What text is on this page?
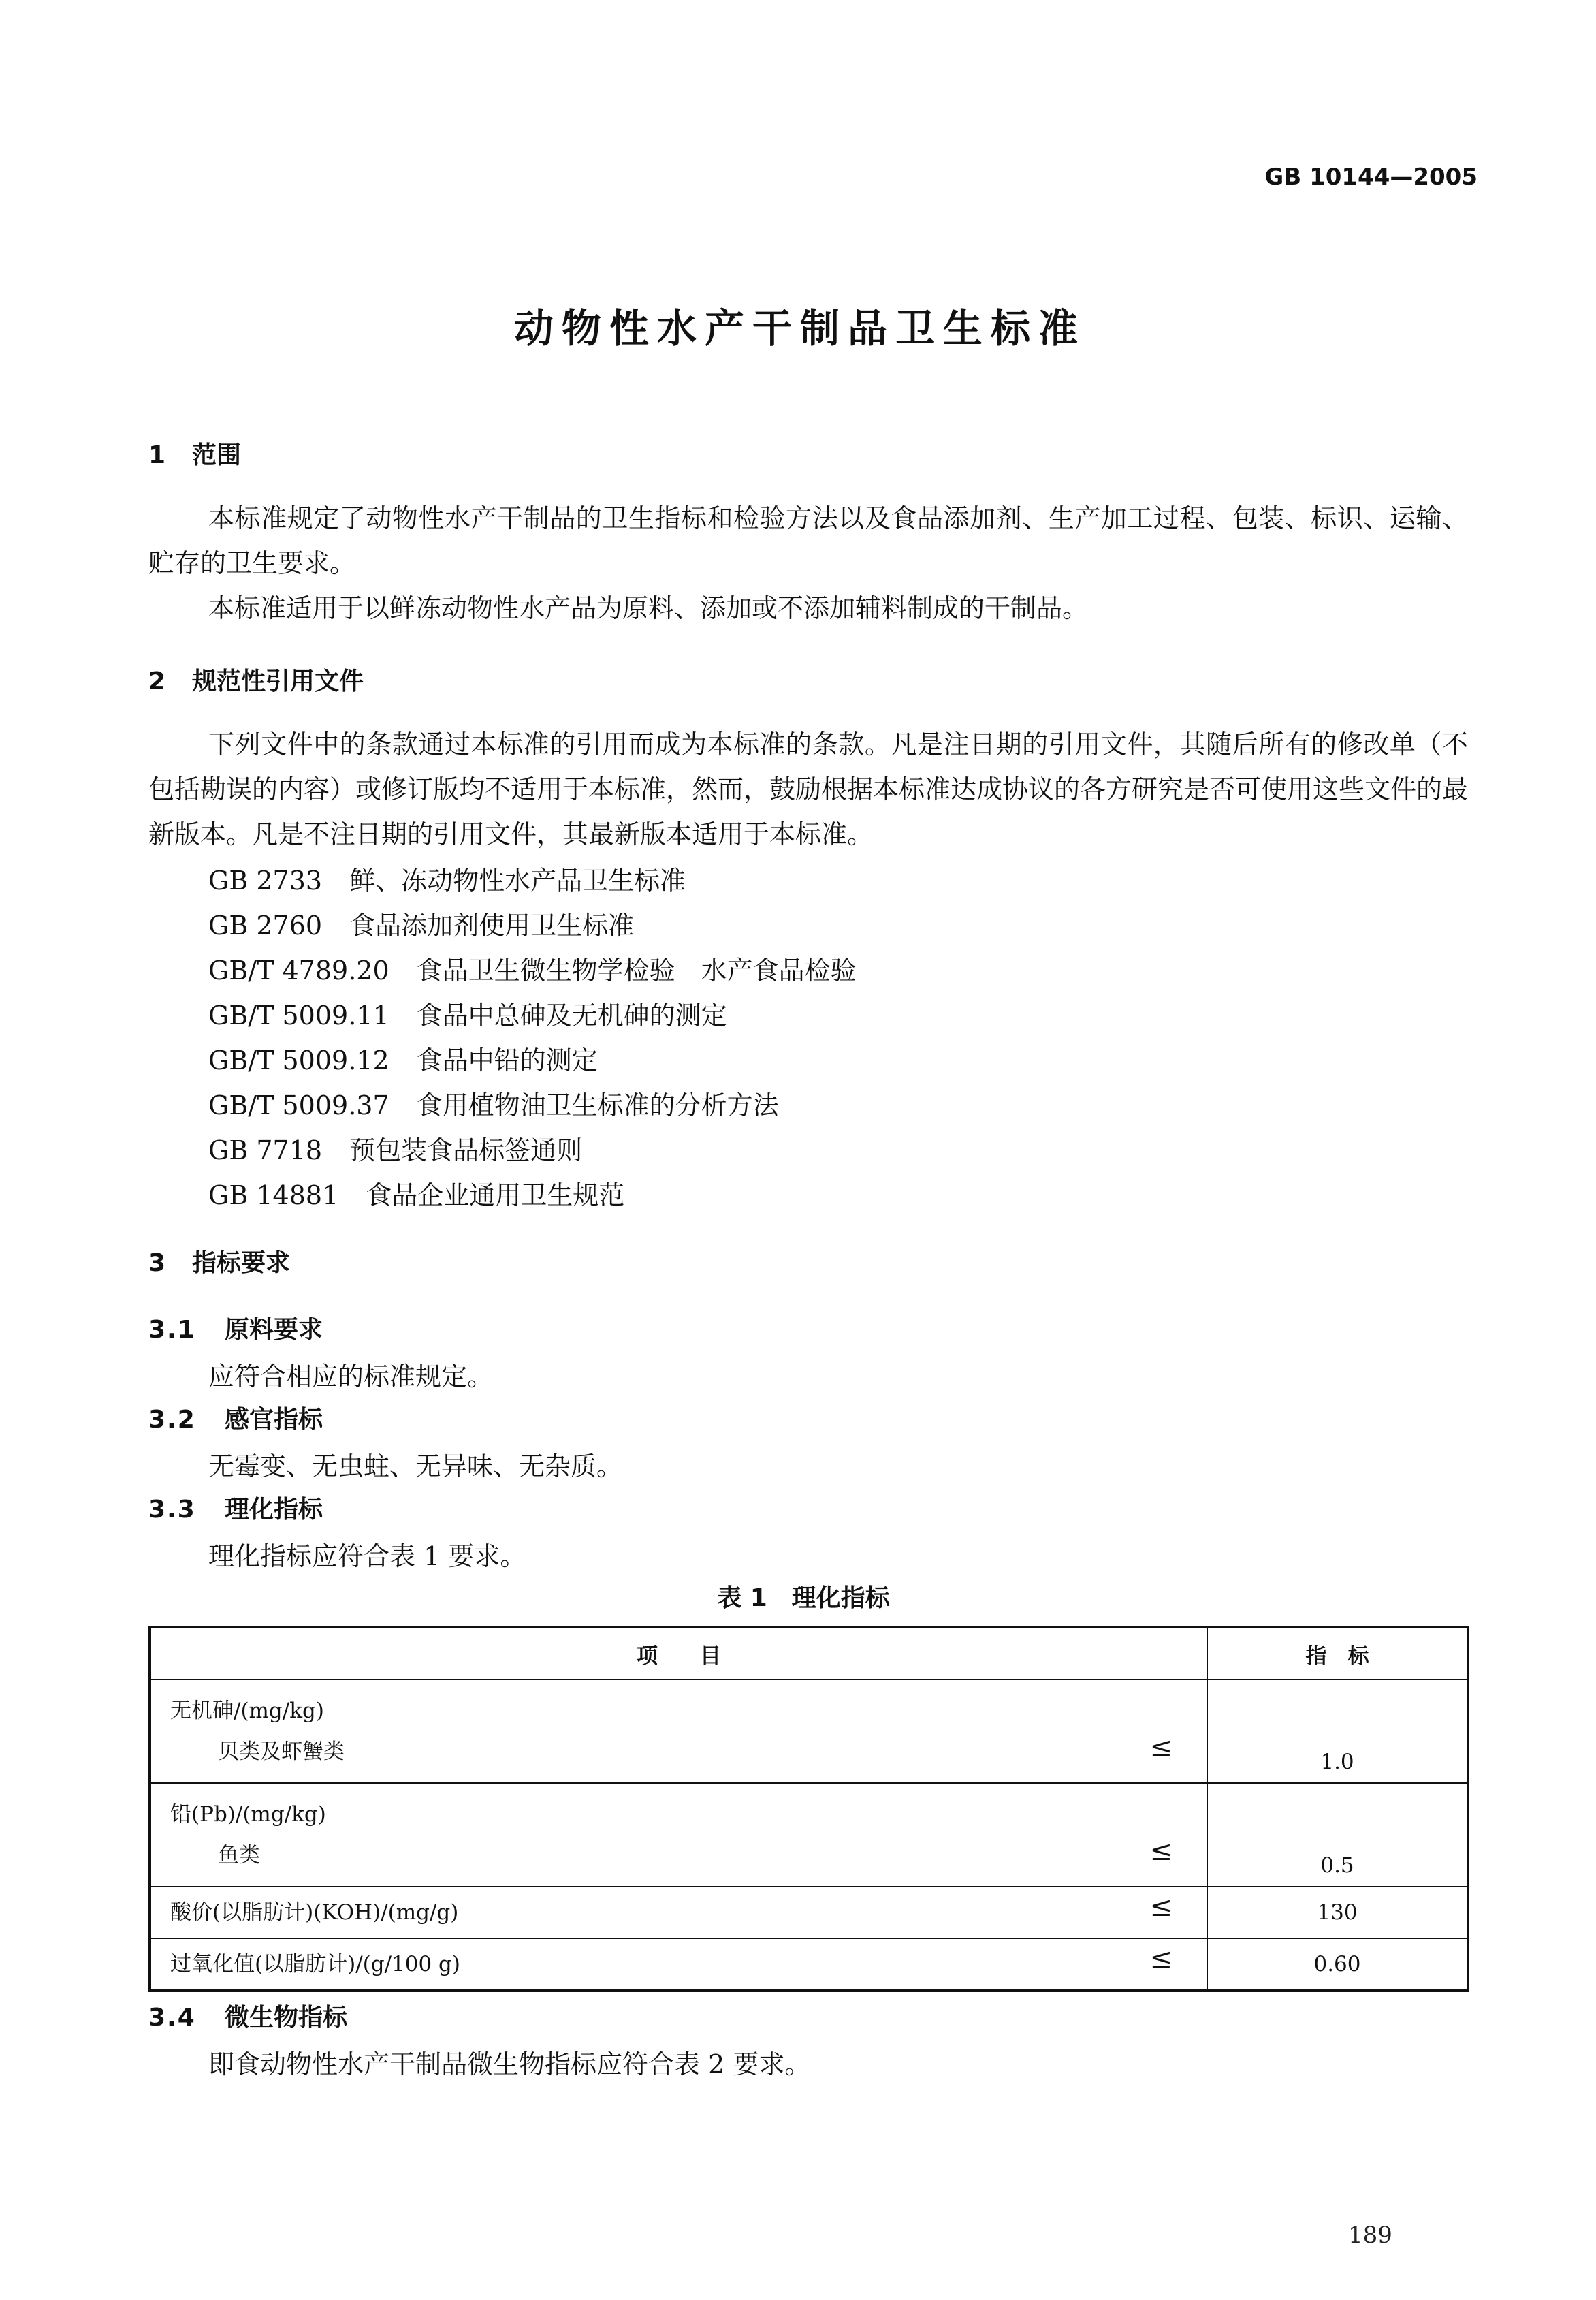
GB 10144—2005
动物性水产干制品卫生标准
1 范围

本标准规定了动物性水产干制品的卫生指标和检验方法以及食品添加剂、生产加工过程、包装、标识、运输、贮存的卫生要求。

本标准适用于以鲜冻动物性水产品为原料、添加或不添加辅料制成的干制品。

2 规范性引用文件

下列文件中的条款通过本标准的引用而成为本标准的条款。凡是注日期的引用文件，其随后所有的修改单（不包括勘误的内容）或修订版均不适用于本标准，然而，鼓励根据本标准达成协议的各方研究是否可使用这些文件的最新版本。凡是不注日期的引用文件，其最新版本适用于本标准。

GB 2733 鲜、冻动物性水产品卫生标准
GB 2760 食品添加剂使用卫生标准
GB/T 4789.20 食品卫生微生物学检验　水产食品检验
GB/T 5009.11 食品中总砷及无机砷的测定
GB/T 5009.12 食品中铅的测定
GB/T 5009.37 食用植物油卫生标准的分析方法
GB 7718 预包装食品标签通则
GB 14881 食品企业通用卫生规范
3 指标要求
3.1 原料要求
应符合相应的标准规定。
3.2 感官指标
无霉变、无虫蛀、无异味、无杂质。
3.3 理化指标
理化指标应符合表 1 要求。
表 1 理化指标
项　　目	指　标

无机砷/(mg/kg)
贝类及虾蟹类 ≤	1.0

铅(Pb)/(mg/kg)
鱼类 ≤	0.5

酸价(以脂肪计)(KOH)/(mg/g) ≤	130

过氧化值(以脂肪计)/(g/100 g) ≤	0.60
3.4 微生物指标
即食动物性水产干制品微生物指标应符合表 2 要求。
189
